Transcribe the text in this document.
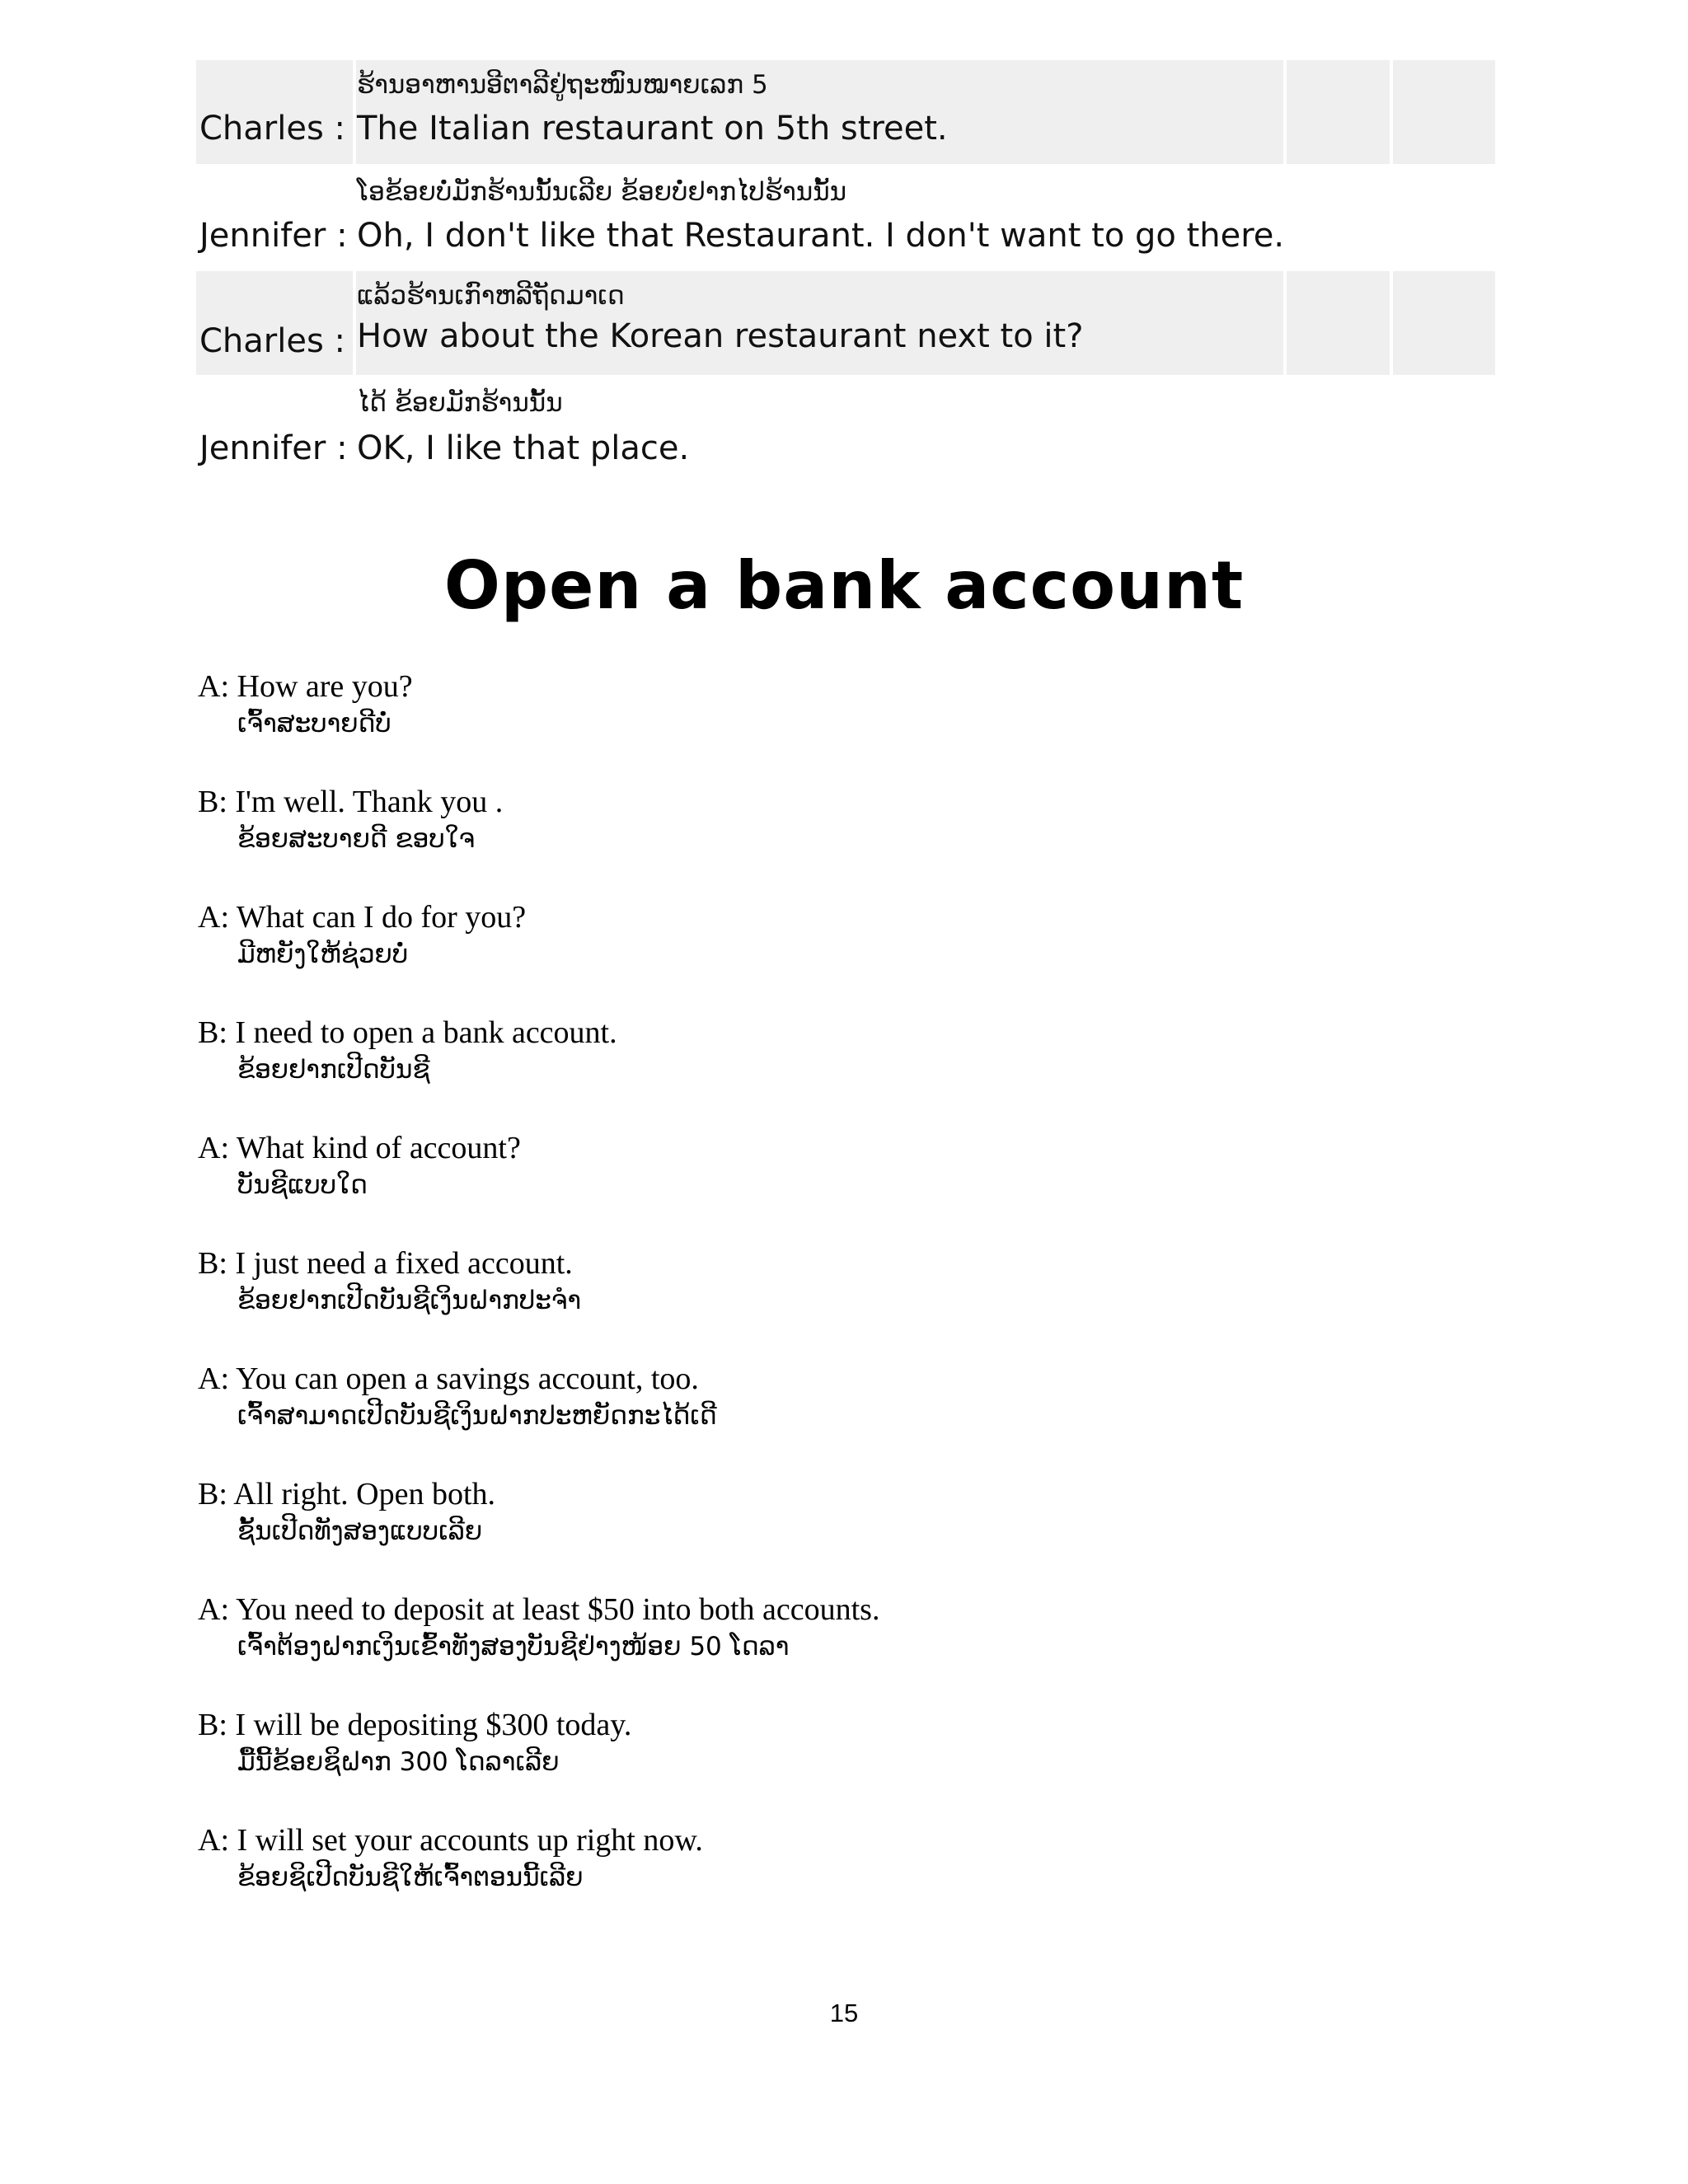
Charles :
ຮ້ານອາຫານອີຕາລີຢູ່ຖະໜົນໝາຍເລກ 5
The Italian restaurant on 5th street.
Jennifer :
ໂອຂ້ອຍບໍ່ມັກຮ້ານນັ້ນເລີຍ ຂ້ອຍບໍ່ຢາກໄປຮ້ານນັ້ນ
Oh, I don't like that Restaurant. I don't want to go there.
Charles :
ແລ້ວຮ້ານເກົາຫລີຖັດມາເດ
How about the Korean restaurant next to it?
Jennifer :
ໄດ້ ຂ້ອຍມັກຮ້ານນັ້ນ
OK, I like that place.
Open a bank account
A: How are you?
ເຈົ້າສະບາຍດີບໍ່
B: I'm well. Thank you .
ຂ້ອຍສະບາຍດີ ຂອບໃຈ
A: What can I do for you?
ມີຫຍັງໃຫ້ຊ່ວຍບໍ່
B: I need to open a bank account.
ຂ້ອຍຢາກເປີດບັນຊີ
A: What kind of account?
ບັນຊີແບບໃດ
B: I just need a fixed account.
ຂ້ອຍຢາກເປີດບັນຊີເງິນຝາກປະຈຳ
A: You can open a savings account, too.
ເຈົ້າສາມາດເປີດບັນຊີເງິນຝາກປະຫຍັດກະໄດ້ເດີ
B: All right. Open both.
ຊັ້ນເປີດທັງສອງແບບເລີຍ
A: You need to deposit at least $50 into both accounts.
ເຈົ້າຕ້ອງຝາກເງິນເຂົ້າທັງສອງບັນຊີຢ່າງໜ້ອຍ 50 ໂດລາ
B: I will be depositing $300 today.
ມື້ນີ້ຂ້ອຍຊິຝາກ 300 ໂດລາເລີຍ
A: I will set your accounts up right now.
ຂ້ອຍຊິເປີດບັນຊີໃຫ້ເຈົ້າຕອນນີ້ເລີຍ
15
